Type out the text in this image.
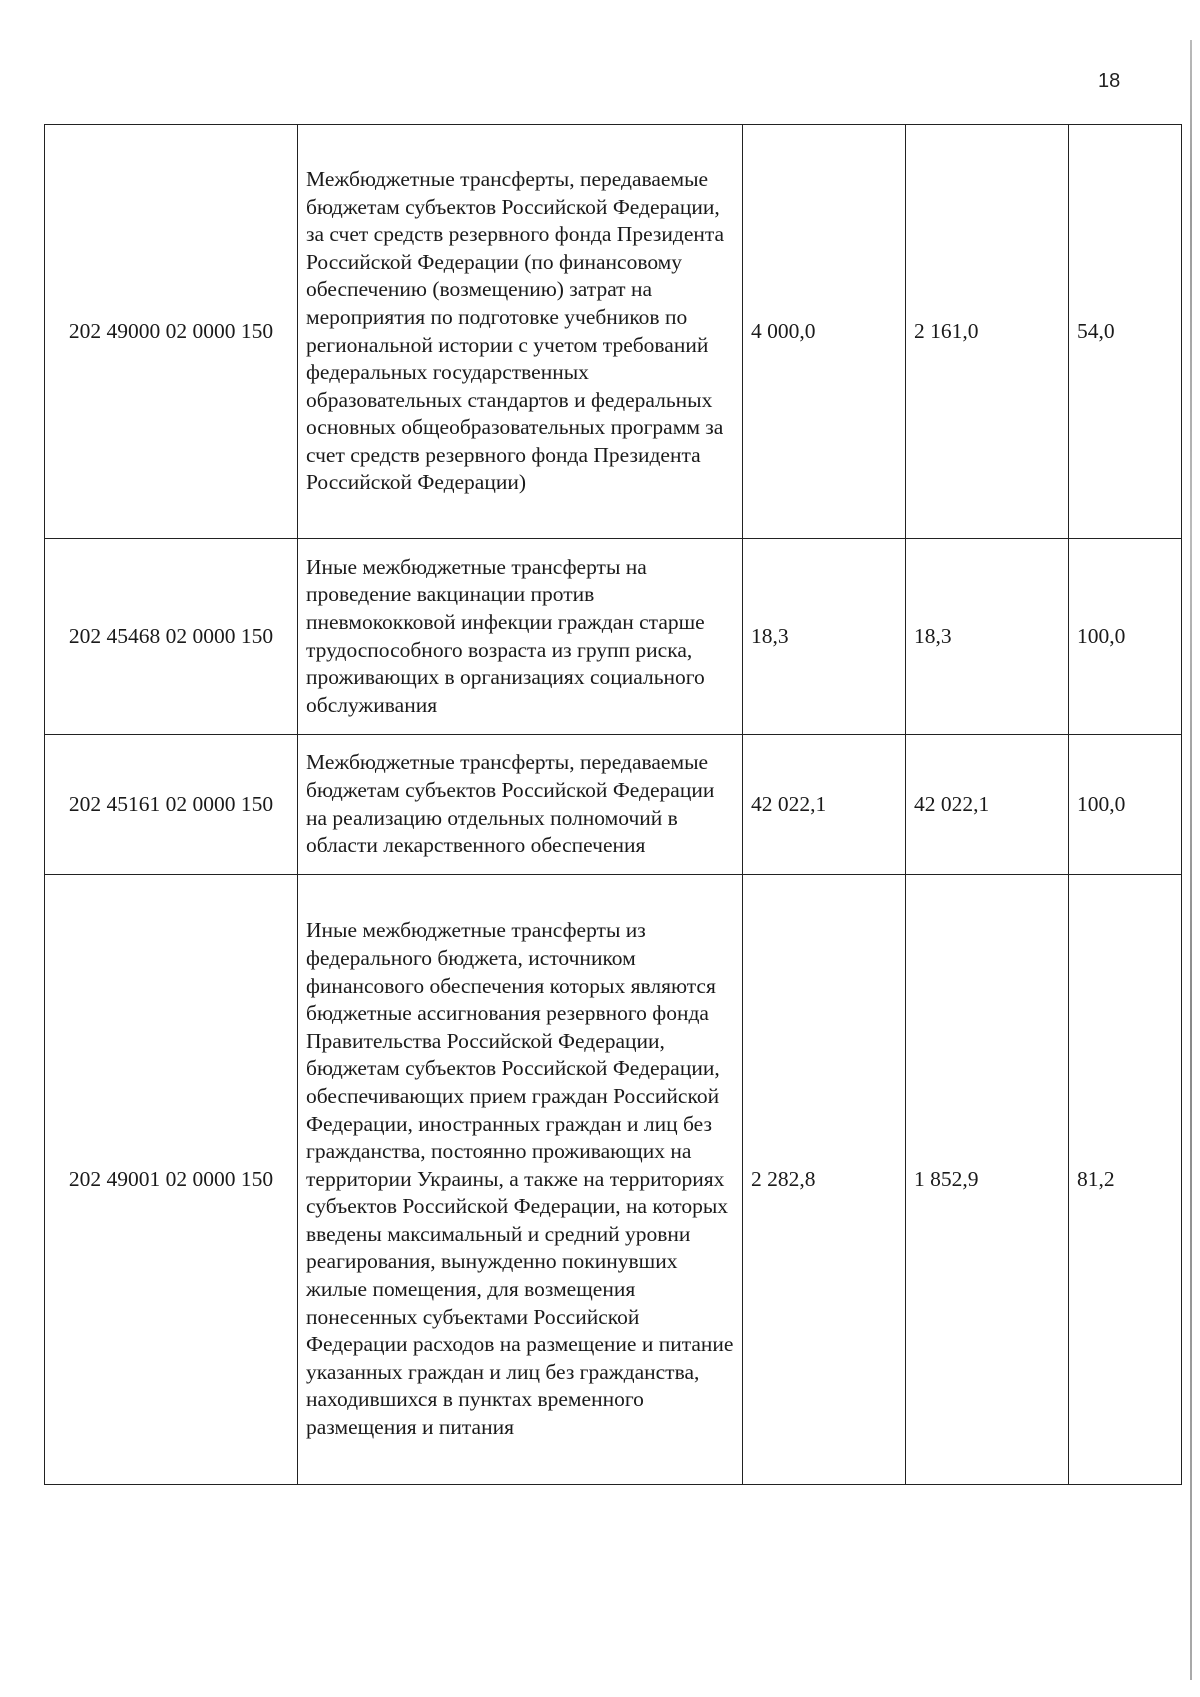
18
202 49000 02 0000 150	Межбюджетные трансферты, передаваемые бюджетам субъектов Российской Федерации, за счет средств резервного фонда Президента Российской Федерации (по финансовому обеспечению (возмещению) затрат на мероприятия по подготовке учебников по региональной истории с учетом требований федеральных государственных образовательных стандартов и федеральных основных общеобразовательных программ за счет средств резервного фонда Президента Российской Федерации)	4 000,0	2 161,0	54,0
202 45468 02 0000 150	Иные межбюджетные трансферты на проведение вакцинации против пневмококковой инфекции граждан старше трудоспособного возраста из групп риска, проживающих в организациях социального обслуживания	18,3	18,3	100,0
202 45161 02 0000 150	Межбюджетные трансферты, передаваемые бюджетам субъектов Российской Федерации на реализацию отдельных полномочий в области лекарственного обеспечения	42 022,1	42 022,1	100,0
202 49001 02 0000 150	Иные межбюджетные трансферты из федерального бюджета, источником финансового обеспечения которых являются бюджетные ассигнования резервного фонда Правительства Российской Федерации, бюджетам субъектов Российской Федерации, обеспечивающих прием граждан Российской Федерации, иностранных граждан и лиц без гражданства, постоянно проживающих на территории Украины, а также на территориях субъектов Российской Федерации, на которых введены максимальный и средний уровни реагирования, вынужденно покинувших жилые помещения, для возмещения понесенных субъектами Российской Федерации расходов на размещение и питание указанных граждан и лиц без гражданства, находившихся в пунктах временного размещения и питания	2 282,8	1 852,9	81,2
